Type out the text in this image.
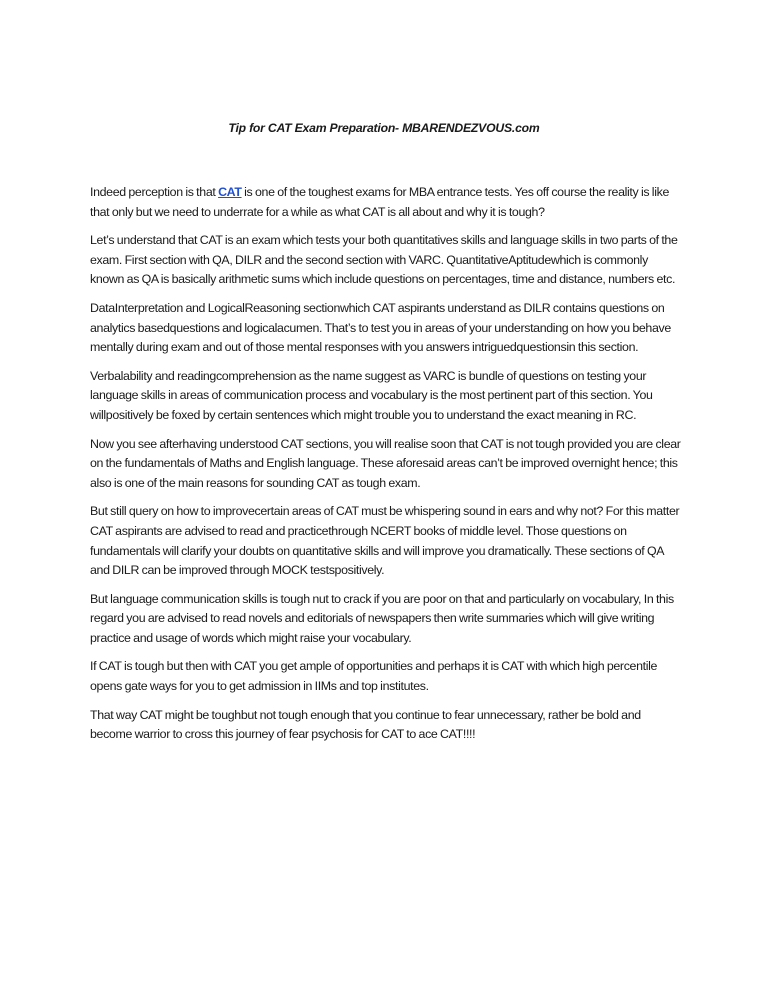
Tip for CAT Exam Preparation- MBARENDEZVOUS.com

Indeed perception is that CAT is one of the toughest exams for MBA entrance tests. Yes off course the reality is like that only but we need to underrate for a while as what CAT is all about and why it is tough?

Let’s understand that CAT is an exam which tests your both quantitatives skills and language skills in two parts of the exam. First section with QA, DILR and the second section with VARC. QuantitativeAptitudewhich is commonly known as QA is basically arithmetic sums which include questions on percentages, time and distance, numbers etc.

DataInterpretation and LogicalReasoning sectionwhich CAT aspirants understand as DILR contains questions on analytics basedquestions and logicalacumen. That’s to test you in areas of your understanding on how you behave mentally during exam and out of those mental responses with you answers intriguedquestionsin this section.

Verbalability and readingcomprehension as the name suggest as VARC is bundle of questions on testing your language skills in areas of communication process and vocabulary is the most pertinent part of this section. You willpositively be foxed by certain sentences which might trouble you to understand the exact meaning in RC.

Now you see afterhaving understood CAT sections, you will realise soon that CAT is not tough provided you are clear on the fundamentals of Maths and English language. These aforesaid areas can’t be improved overnight hence; this also is one of the main reasons for sounding CAT as tough exam.

But still query on how to improvecertain areas of CAT must be whispering sound in ears and why not? For this matter CAT aspirants are advised to read and practicethrough NCERT books of middle level. Those questions on fundamentals will clarify your doubts on quantitative skills and will improve you dramatically. These sections of QA and DILR can be improved through MOCK testspositively.

But language communication skills is tough nut to crack if you are poor on that and particularly on vocabulary, In this regard you are advised to read novels and editorials of newspapers then write summaries which will give writing practice and usage of words which might raise your vocabulary.

If CAT is tough but then with CAT you get ample of opportunities and perhaps it is CAT with which high percentile opens gate ways for you to get admission in IIMs and top institutes.

That way CAT might be toughbut not tough enough that you continue to fear unnecessary, rather be bold and become warrior to cross this journey of fear psychosis for CAT to ace CAT!!!!
